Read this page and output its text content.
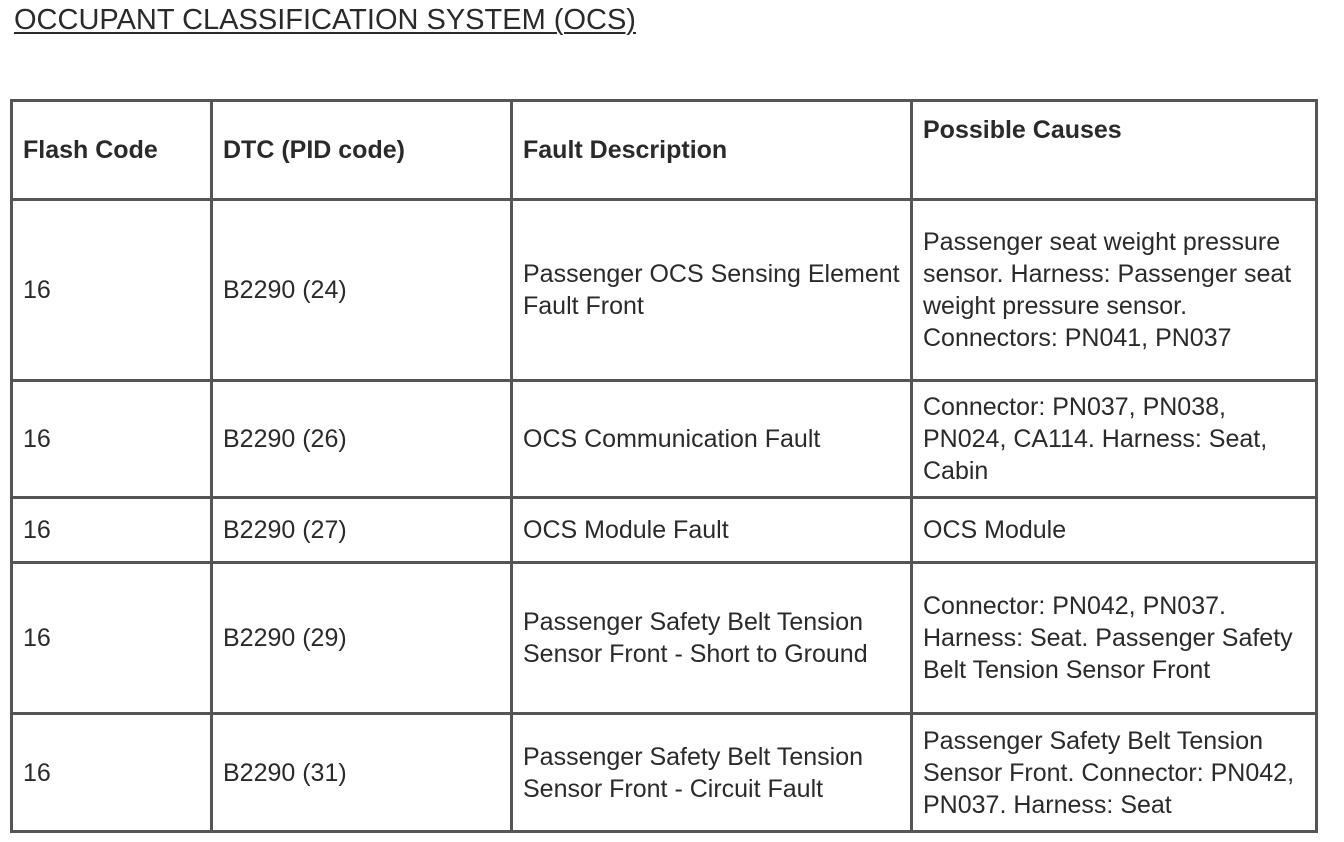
OCCUPANT CLASSIFICATION SYSTEM (OCS)
Flash Code	DTC (PID code)	Fault Description	Possible Causes
16	B2290 (24)	Passenger OCS Sensing Element Fault Front	Passenger seat weight pressure sensor. Harness: Passenger seat weight pressure sensor. Connectors: PN041, PN037
16	B2290 (26)	OCS Communication Fault	Connector: PN037, PN038, PN024, CA114. Harness: Seat, Cabin
16	B2290 (27)	OCS Module Fault	OCS Module
16	B2290 (29)	Passenger Safety Belt Tension Sensor Front - Short to Ground	Connector: PN042, PN037. Harness: Seat. Passenger Safety Belt Tension Sensor Front
16	B2290 (31)	Passenger Safety Belt Tension Sensor Front - Circuit Fault	Passenger Safety Belt Tension Sensor Front. Connector: PN042, PN037. Harness: Seat
